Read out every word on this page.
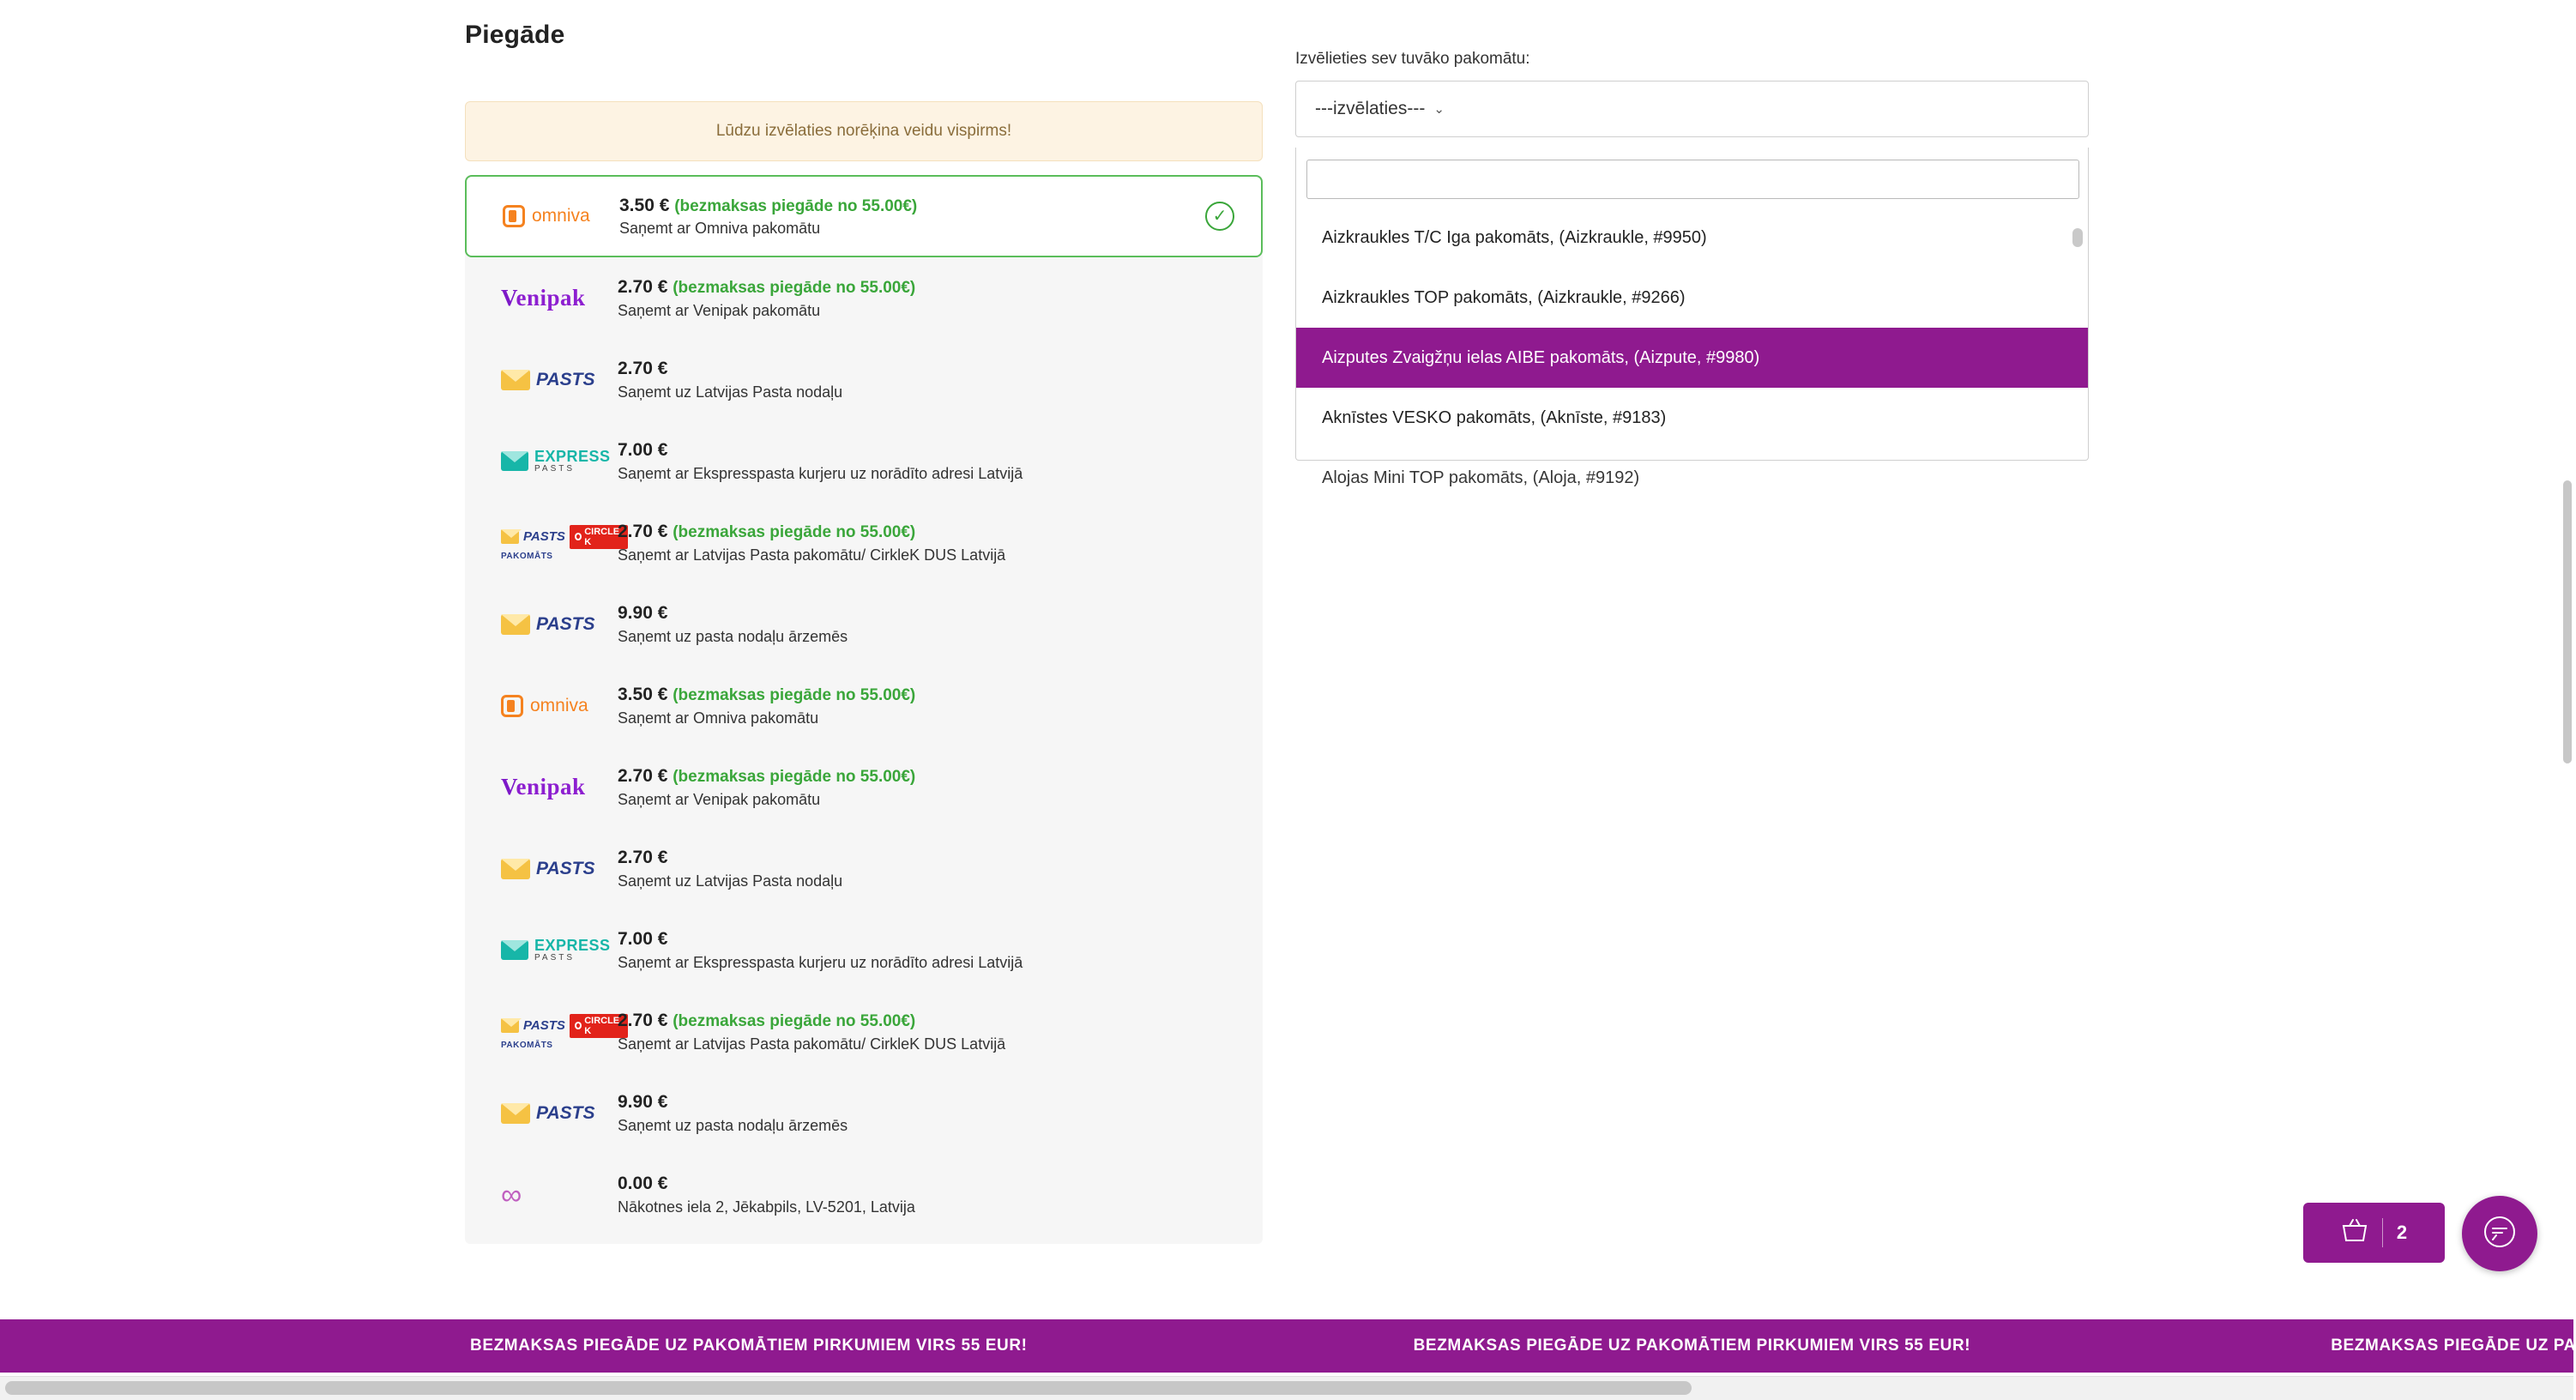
Piegāde
Lūdzu izvēlaties norēķina veidu vispirms!
omniva
3.50 € (bezmaksas piegāde no 55.00€)
Saņemt ar Omniva pakomātu
✓
Venipak 2.70 € (bezmaksas piegāde no 55.00€)
Saņemt ar Venipak pakomātu
PASTS
2.70 €
Saņemt uz Latvijas Pasta nodaļu
EXPRESS
PASTS
7.00 €
Saņemt ar Ekspresspasta kurjeru uz norādīto adresi Latvijā
PASTS	CIRCLE K
PAKOMĀTS
2.70 € (bezmaksas piegāde no 55.00€)
Saņemt ar Latvijas Pasta pakomātu/ CirkleK DUS Latvijā
PASTS
9.90 €
Saņemt uz pasta nodaļu ārzemēs
omniva
3.50 € (bezmaksas piegāde no 55.00€)
Saņemt ar Omniva pakomātu
Venipak 2.70 € (bezmaksas piegāde no 55.00€)
Saņemt ar Venipak pakomātu
PASTS
2.70 €
Saņemt uz Latvijas Pasta nodaļu
EXPRESS
PASTS
7.00 €
Saņemt ar Ekspresspasta kurjeru uz norādīto adresi Latvijā
PASTS	CIRCLE K
PAKOMĀTS
2.70 € (bezmaksas piegāde no 55.00€)
Saņemt ar Latvijas Pasta pakomātu/ CirkleK DUS Latvijā
PASTS
9.90 €
Saņemt uz pasta nodaļu ārzemēs
∞	0.00 €
Nākotnes iela 2, Jēkabpils, LV-5201, Latvija
Izvēlieties sev tuvāko pakomātu:
---izvēlaties--- ⌄
Aizkraukles T/C Iga pakomāts, (Aizkraukle, #9950)
Aizkraukles TOP pakomāts, (Aizkraukle, #9266)
Aizputes Zvaigžņu ielas AIBE pakomāts, (Aizpute, #9980)
Aknīstes VESKO pakomāts, (Aknīste, #9183)
Alojas Mini TOP pakomāts, (Aloja, #9192)
BEZMAKSAS PIEGĀDE UZ PAKOMĀTIEM PIRKUMIEM VIRS 55 EUR!	BEZMAKSAS PIEGĀDE UZ PAKOMĀTIEM PIRKUMIEM VIRS 55 EUR!	BEZMAKSAS PIEGĀDE UZ PA
2
